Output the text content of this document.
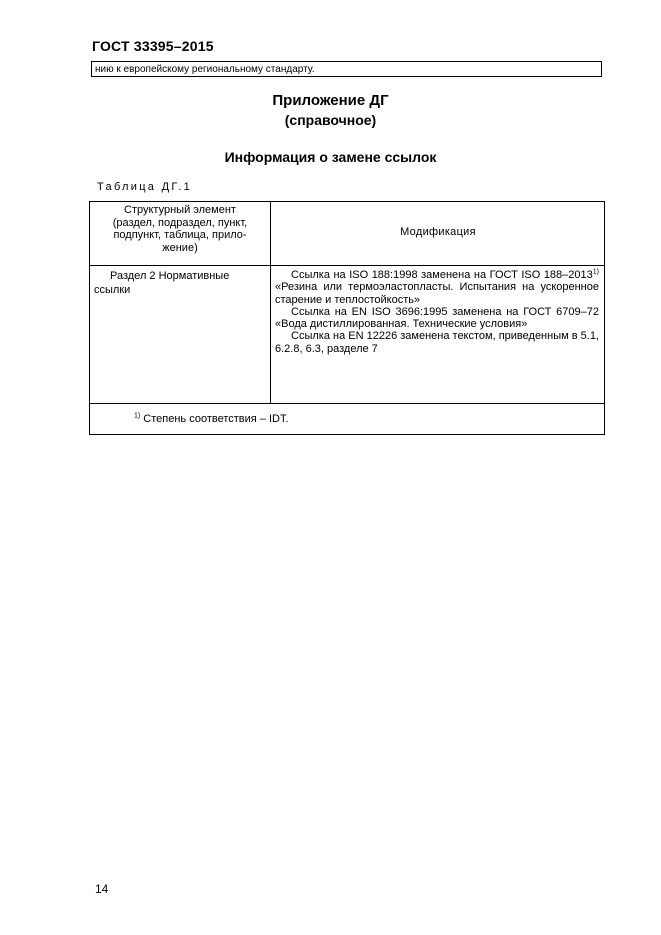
ГОСТ 33395–2015
нию к европейскому региональному стандарту.
Приложение ДГ
(справочное)
Информация о замене ссылок
Таблица ДГ.1
Структурный элемент
(раздел, подраздел, пункт,
подпункт, таблица, прило-
жение)
Модификация
Раздел 2 Нормативные
ссылки

Ссылка на ISO 188:1998 заменена на ГОСТ ISO 188–2013$^{1)}$ «Резина или термоэластопласты. Испытания на ускоренное старение и теплостойкость»

Ссылка на EN ISO 3696:1995 заменена на ГОСТ 6709–72 «Вода дистиллированная. Технические условия»

Ссылка на EN 12226 заменена текстом, приведенным в 5.1, 6.2.8, 6.3, разделе 7

$^{1)}$ Степень соответствия – IDT.
14
